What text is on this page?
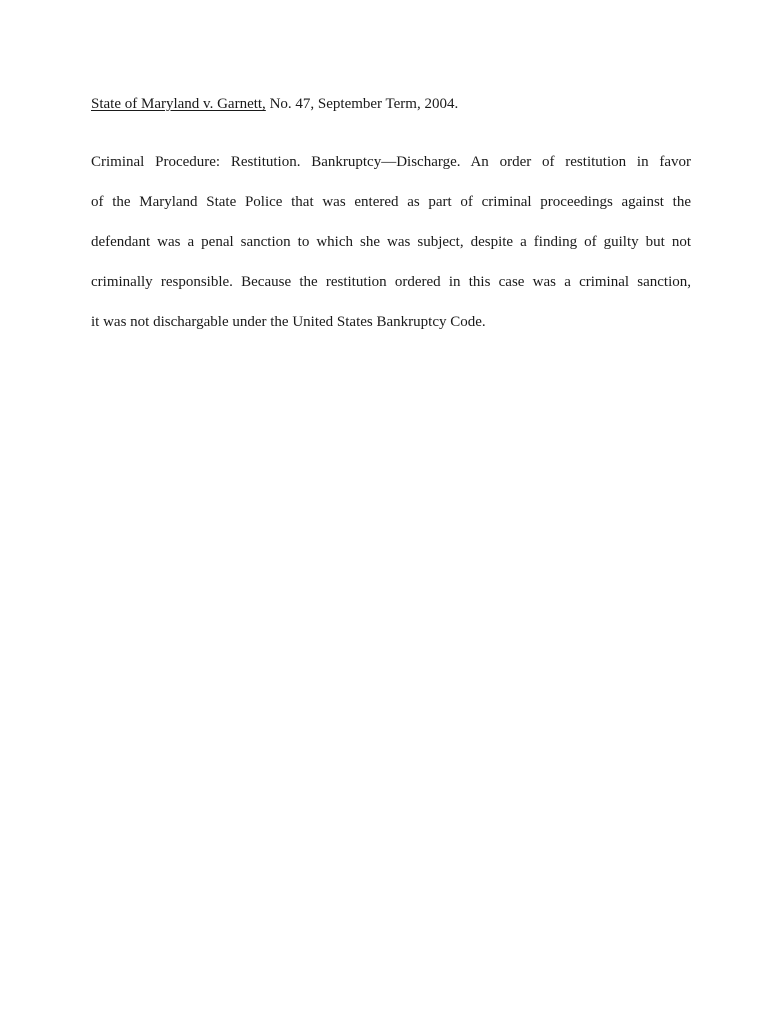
State of Maryland v. Garnett, No. 47, September Term, 2004.
Criminal Procedure: Restitution. Bankruptcy—Discharge. An order of restitution in favor
of the Maryland State Police that was entered as part of criminal proceedings against the
defendant was a penal sanction to which she was subject, despite a finding of guilty but not
criminally responsible. Because the restitution ordered in this case was a criminal sanction,
it was not dischargable under the United States Bankruptcy Code.
